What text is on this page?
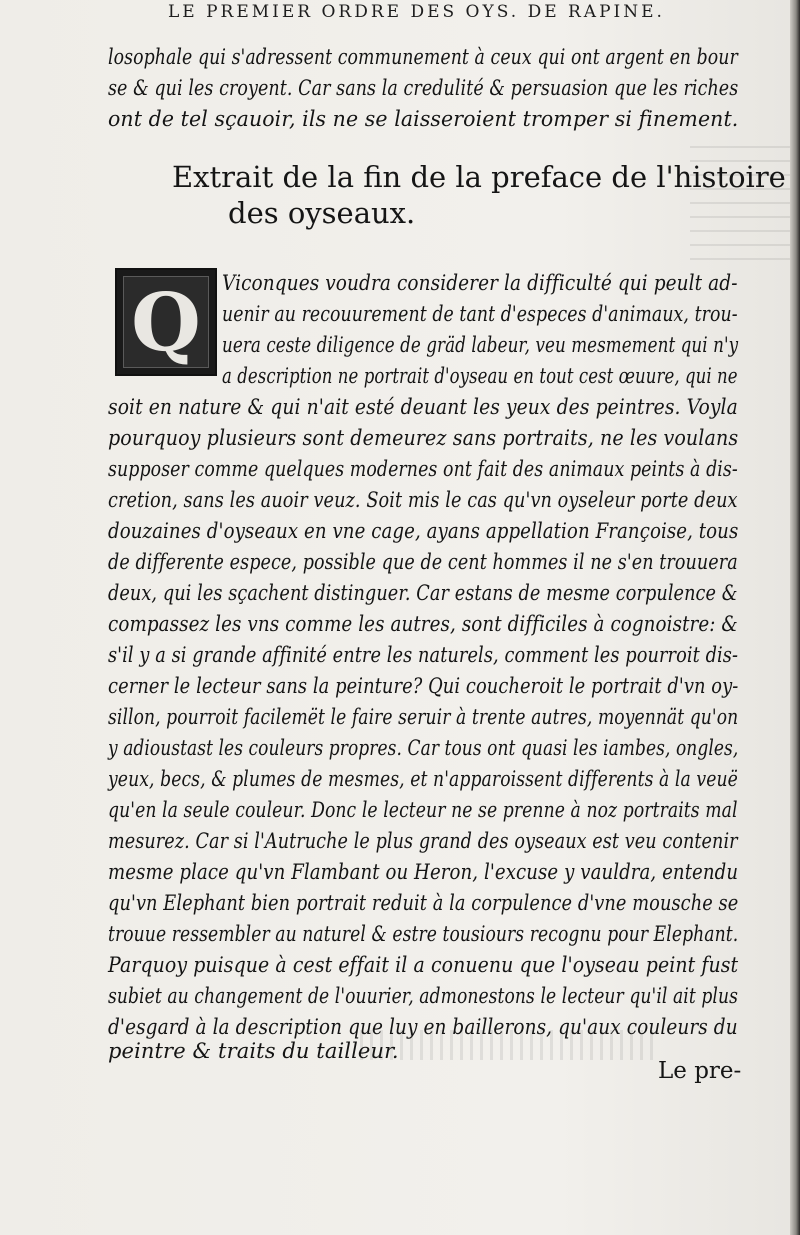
LE PREMIER ORDRE DES OYS. DE RAPINE.
losophale qui s'adressent communement à ceux qui ont argent en bour
se & qui les croyent. Car sans la credulité & persuasion que les riches
ont de tel sçauoir, ils ne se laisseroient tromper si finement.
Extrait de la fin de la preface de l'histoire
des oyseaux.
Q	Viconques voudra considerer la difficulté qui peult ad-
uenir au recouurement de tant d'especes d'animaux, trou-
uera ceste diligence de gräd labeur, veu mesmement qui n'y
a description ne portrait d'oyseau en tout cest œuure, qui ne
soit en nature & qui n'ait esté deuant les yeux des peintres. Voyla
pourquoy plusieurs sont demeurez sans portraits, ne les voulans
supposer comme quelques modernes ont fait des animaux peints à dis-
cretion, sans les auoir veuz. Soit mis le cas qu'vn oyseleur porte deux
douzaines d'oyseaux en vne cage, ayans appellation Françoise, tous
de differente espece, possible que de cent hommes il ne s'en trouuera
deux, qui les sçachent distinguer. Car estans de mesme corpulence &
compassez les vns comme les autres, sont difficiles à cognoistre: &
s'il y a si grande affinité entre les naturels, comment les pourroit dis-
cerner le lecteur sans la peinture? Qui coucheroit le portrait d'vn oy-
sillon, pourroit facilemët le faire seruir à trente autres, moyennät qu'on
y adioustast les couleurs propres. Car tous ont quasi les iambes, ongles,
yeux, becs, & plumes de mesmes, et n'apparoissent differents à la veuë
qu'en la seule couleur. Donc le lecteur ne se prenne à noz portraits mal
mesurez. Car si l'Autruche le plus grand des oyseaux est veu contenir
mesme place qu'vn Flambant ou Heron, l'excuse y vauldra, entendu
qu'vn Elephant bien portrait reduit à la corpulence d'vne mousche se
trouue ressembler au naturel & estre tousiours recognu pour Elephant.
Parquoy puisque à cest effait il a conuenu que l'oyseau peint fust
subiet au changement de l'ouurier, admonestons le lecteur qu'il ait plus
d'esgard à la description que luy en baillerons, qu'aux couleurs du
peintre & traits du tailleur.
Le pre-
